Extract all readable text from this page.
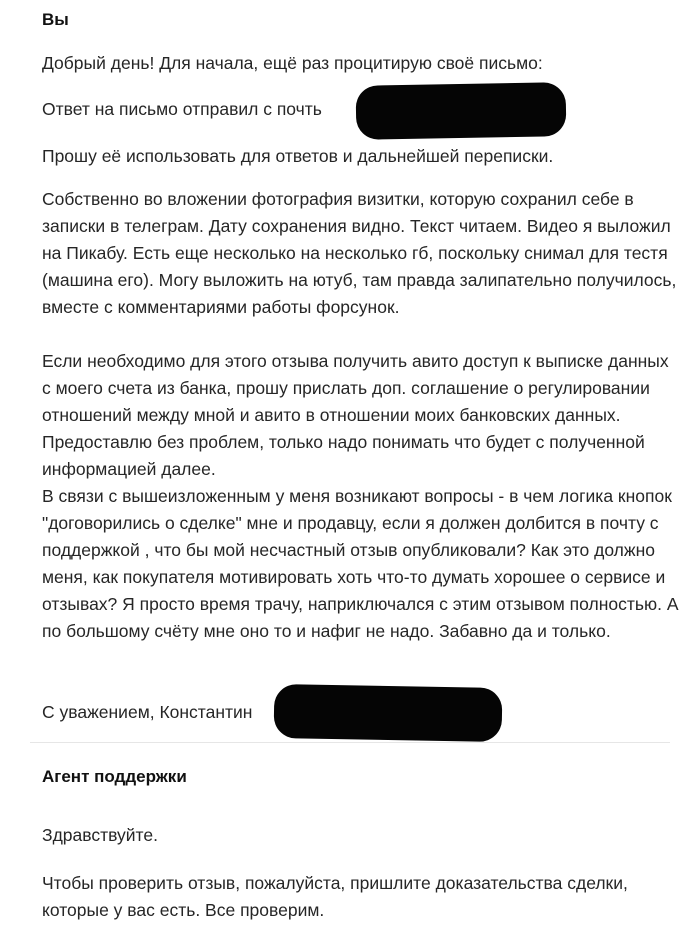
Вы

Добрый день! Для начала, ещё раз процитирую своё письмо:

Ответ на письмо отправил с почть

Прошу её использовать для ответов и дальнейшей переписки.

Собственно во вложении фотография визитки, которую сохранил себе в записки в телеграм. Дату сохранения видно. Текст читаем. Видео я выложил на Пикабу. Есть еще несколько на несколько гб, поскольку снимал для тестя (машина его). Могу выложить на ютуб, там правда залипательно получилось, вместе с комментариями работы форсунок.

Если необходимо для этого отзыва получить авито доступ к выписке данных с моего счета из банка, прошу прислать доп. соглашение о регулировании отношений между мной и авито в отношении моих банковских данных. Предоставлю без проблем, только надо понимать что будет с полученной информацией далее.

В связи с вышеизложенным у меня возникают вопросы - в чем логика кнопок "договорились о сделке" мне и продавцу, если я должен долбится в почту с поддержкой , что бы мой несчастный отзыв опубликовали? Как это должно меня, как покупателя мотивировать хоть что-то думать хорошее о сервисе и отзывах? Я просто время трачу, наприключался с этим отзывом полностью. А по большому счёту мне оно то и нафиг не надо. Забавно да и только.

С уважением, Константин

Агент поддержки

Здравствуйте.

Чтобы проверить отзыв, пожалуйста, пришлите доказательства сделки, которые у вас есть. Все проверим.
